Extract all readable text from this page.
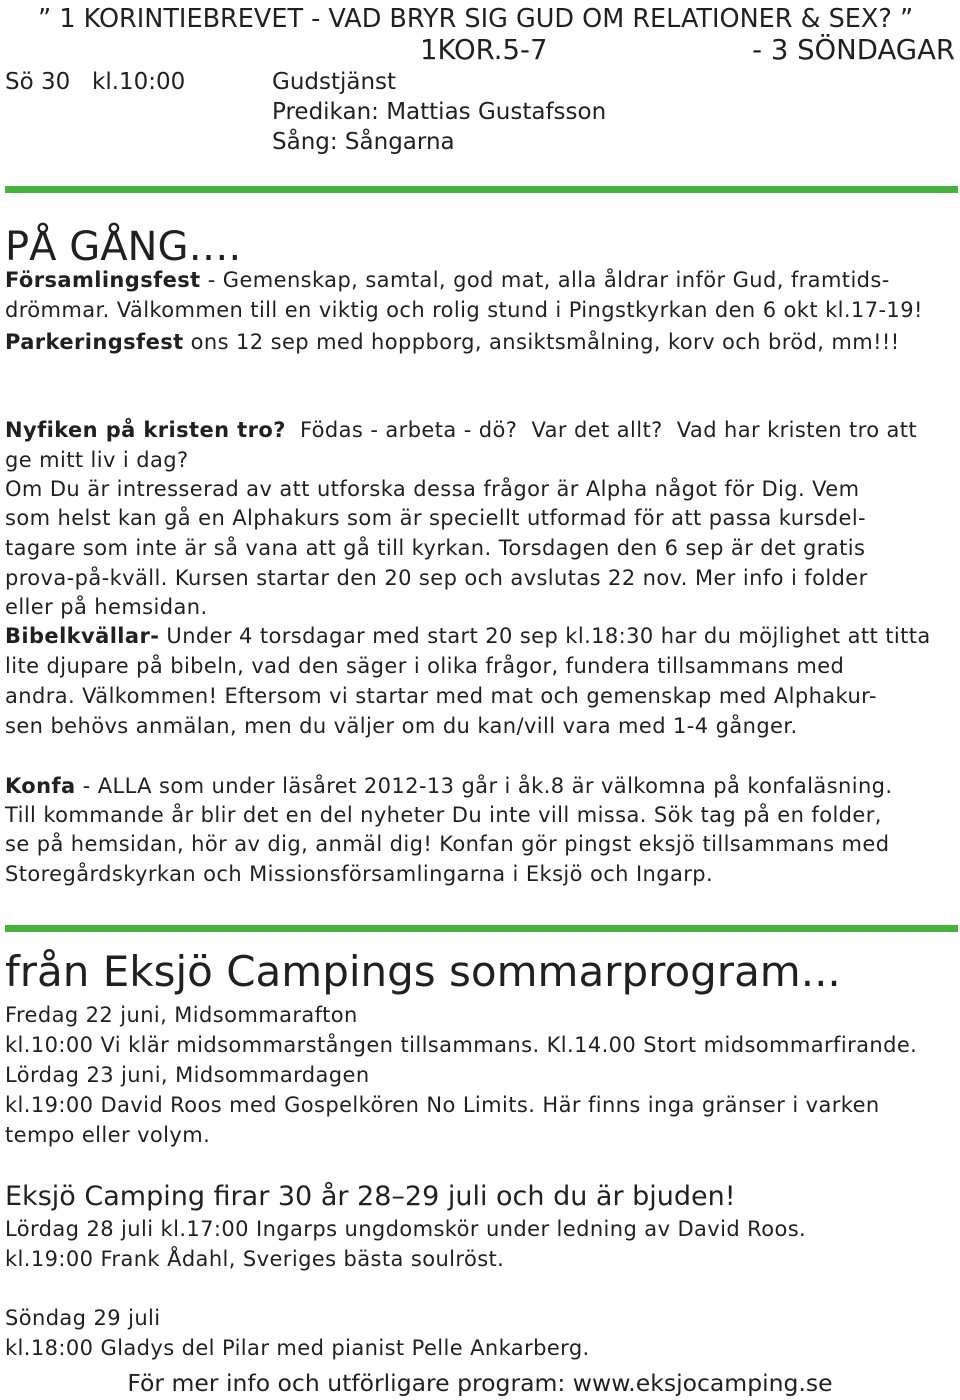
” 1 KORINTIEBREVET - VAD BRYR SIG GUD OM RELATIONER & SEX? ”
1KOR.5-7	- 3 SÖNDAGAR
Sö 30 kl.10:00	Gudstjänst
Predikan: Mattias Gustafsson
Sång: Sångarna
PÅ GÅNG….
Församlingsfest - Gemenskap, samtal, god mat, alla åldrar inför Gud, framtids-
drömmar. Välkommen till en viktig och rolig stund i Pingstkyrkan den 6 okt kl.17-19!
Parkeringsfest ons 12 sep med hoppborg, ansiktsmålning, korv och bröd, mm!!!
Nyfiken på kristen tro?  Födas - arbeta - dö?  Var det allt?  Vad har kristen tro att
ge mitt liv i dag?
Om Du är intresserad av att utforska dessa frågor är Alpha något för Dig. Vem
som helst kan gå en Alphakurs som är speciellt utformad för att passa kursdel-
tagare som inte är så vana att gå till kyrkan. Torsdagen den 6 sep är det gratis
prova-på-kväll. Kursen startar den 20 sep och avslutas 22 nov. Mer info i folder
eller på hemsidan.
Bibelkvällar- Under 4 torsdagar med start 20 sep kl.18:30 har du möjlighet att titta
lite djupare på bibeln, vad den säger i olika frågor, fundera tillsammans med
andra. Välkommen! Eftersom vi startar med mat och gemenskap med Alphakur-
sen behövs anmälan, men du väljer om du kan/vill vara med 1-4 gånger.
Konfa - ALLA som under läsåret 2012-13 går i åk.8 är välkomna på konfaläsning.
Till kommande år blir det en del nyheter Du inte vill missa. Sök tag på en folder,
se på hemsidan, hör av dig, anmäl dig! Konfan gör pingst eksjö tillsammans med
Storegårdskyrkan och Missionsförsamlingarna i Eksjö och Ingarp.
från Eksjö Campings sommarprogram...
Fredag 22 juni, Midsommarafton
kl.10:00 Vi klär midsommarstången tillsammans. Kl.14.00 Stort midsommarfirande.
Lördag 23 juni, Midsommardagen
kl.19:00 David Roos med Gospelkören No Limits. Här finns inga gränser i varken
tempo eller volym.
Eksjö Camping firar 30 år 28–29 juli och du är bjuden!
Lördag 28 juli kl.17:00 Ingarps ungdomskör under ledning av David Roos.
kl.19:00 Frank Ådahl, Sveriges bästa soulröst.
Söndag 29 juli
kl.18:00 Gladys del Pilar med pianist Pelle Ankarberg.
För mer info och utförligare program: www.eksjocamping.se
